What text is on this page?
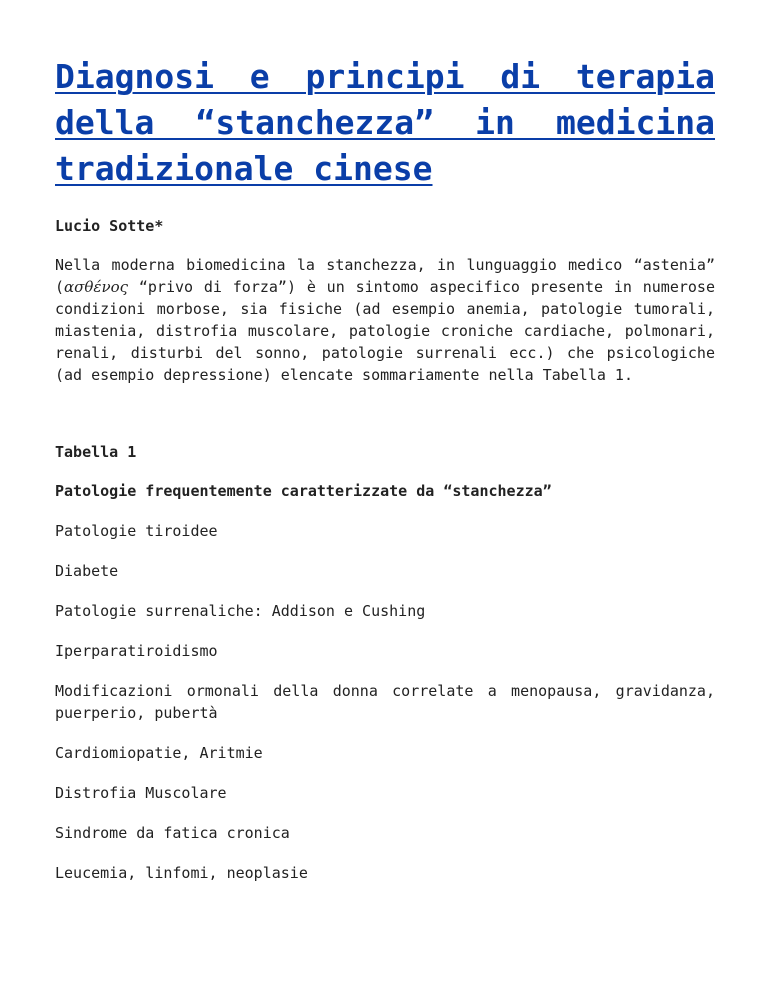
Diagnosi e principi di terapia della “stanchezza” in medicina tradizionale cinese

Lucio Sotte*

Nella moderna biomedicina la stanchezza, in lunguaggio medico “astenia” (ασθένος “privo di forza”) è un sintomo aspecifico presente in numerose condizioni morbose, sia fisiche (ad esempio anemia, patologie tumorali, miastenia, distrofia muscolare, patologie croniche cardiache, polmonari, renali, disturbi del sonno, patologie surrenali ecc.) che psicologiche (ad esempio depressione) elencate sommariamente nella Tabella 1.

Tabella 1

Patologie frequentemente caratterizzate da “stanchezza”

Patologie tiroidee
Diabete
Patologie surrenaliche: Addison e Cushing
Iperparatiroidismo
Modificazioni ormonali della donna correlate a menopausa, gravidanza, puerperio, pubertà
Cardiomiopatie, Aritmie
Distrofia Muscolare
Sindrome da fatica cronica
Leucemia, linfomi, neoplasie
